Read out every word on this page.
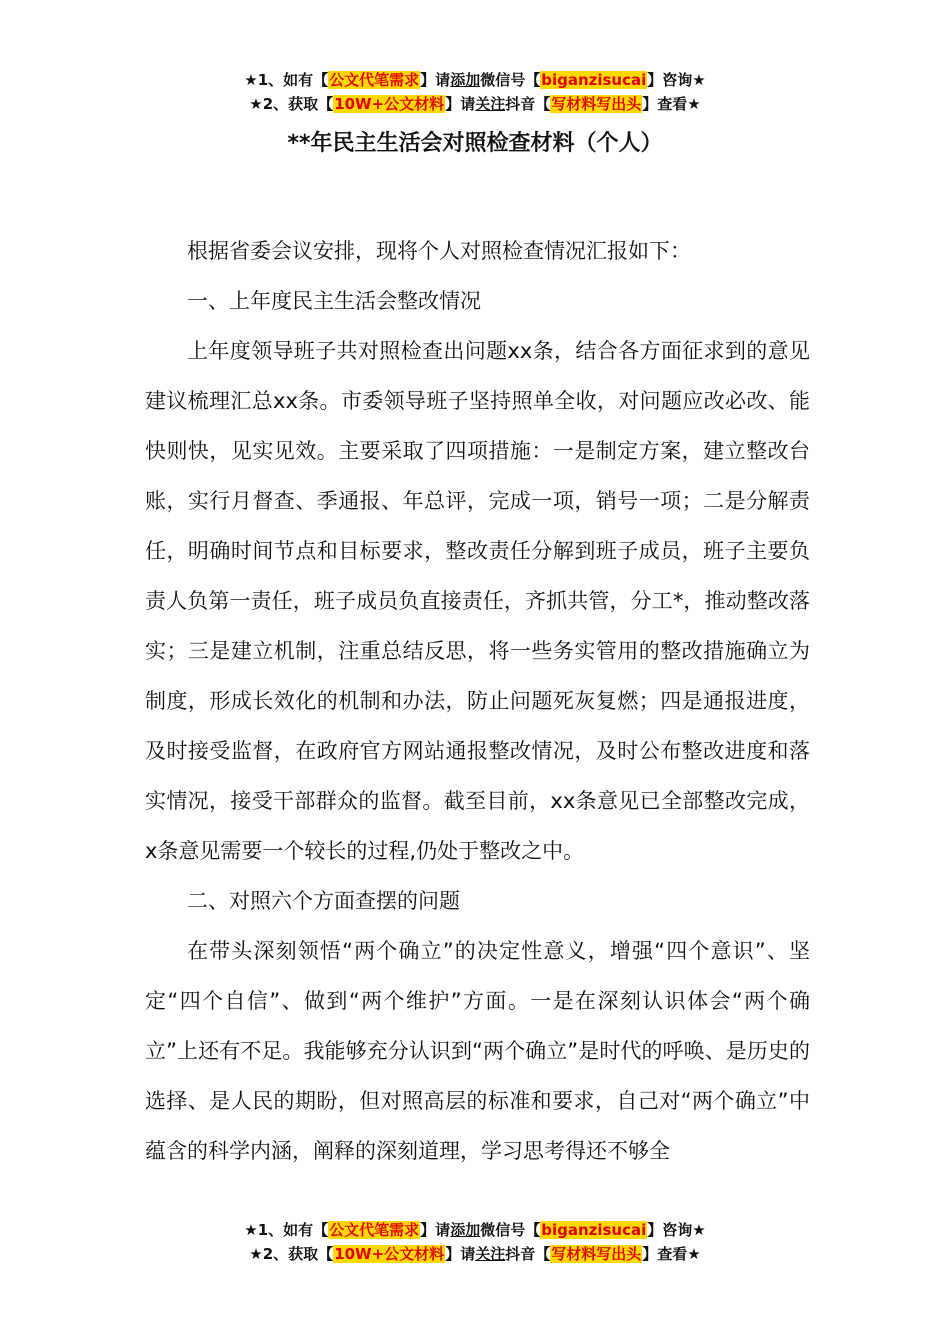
★1、如有【公文代笔需求】请添加微信号【biganzisucai】咨询★
★2、获取【10W+公文材料】请关注抖音【写材料写出头】查看★
**年民主生活会对照检查材料（个人）

根据省委会议安排，现将个人对照检查情况汇报如下：

一、上年度民主生活会整改情况

上年度领导班子共对照检查出问题xx条，结合各方面征求到的意见建议梳理汇总xx条。市委领导班子坚持照单全收，对问题应改必改、能快则快，见实见效。主要采取了四项措施：一是制定方案，建立整改台账，实行月督查、季通报、年总评，完成一项，销号一项；二是分解责任，明确时间节点和目标要求，整改责任分解到班子成员，班子主要负责人负第一责任，班子成员负直接责任，齐抓共管，分工*，推动整改落实；三是建立机制，注重总结反思，将一些务实管用的整改措施确立为制度，形成长效化的机制和办法，防止问题死灰复燃；四是通报进度，及时接受监督，在政府官方网站通报整改情况，及时公布整改进度和落实情况，接受干部群众的监督。截至目前，xx条意见已全部整改完成，x条意见需要一个较长的过程,仍处于整改之中。

二、对照六个方面查摆的问题

在带头深刻领悟“两个确立”的决定性意义，增强“四个意识”、坚定“四个自信”、做到“两个维护”方面。一是在深刻认识体会“两个确立”上还有不足。我能够充分认识到“两个确立”是时代的呼唤、是历史的选择、是人民的期盼，但对照高层的标准和要求，自己对“两个确立”中蕴含的科学内涵，阐释的深刻道理，学习思考得还不够全

★1、如有【公文代笔需求】请添加微信号【biganzisucai】咨询★
★2、获取【10W+公文材料】请关注抖音【写材料写出头】查看★
